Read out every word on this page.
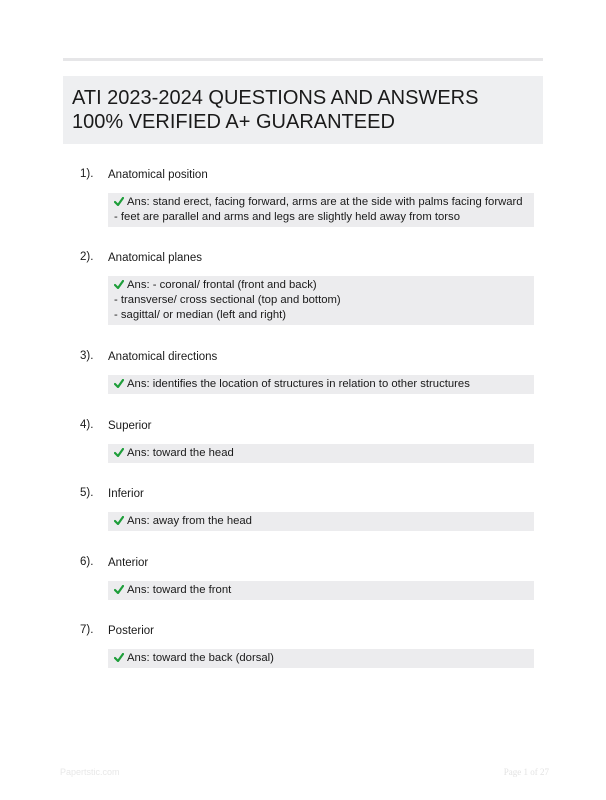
ATI 2023-2024 QUESTIONS AND ANSWERS
100% VERIFIED A+ GUARANTEED
1). Anatomical position
Ans: stand erect, facing forward, arms are at the side with palms facing forward
- feet are parallel and arms and legs are slightly held away from torso
2). Anatomical planes
Ans: - coronal/ frontal (front and back)
- transverse/ cross sectional (top and bottom)
- sagittal/ or median (left and right)
3). Anatomical directions
Ans: identifies the location of structures in relation to other structures
4). Superior
Ans: toward the head
5). Inferior
Ans: away from the head
6). Anterior
Ans: toward the front
7). Posterior
Ans: toward the back (dorsal)
Papertstic.com	Page 1 of 27
